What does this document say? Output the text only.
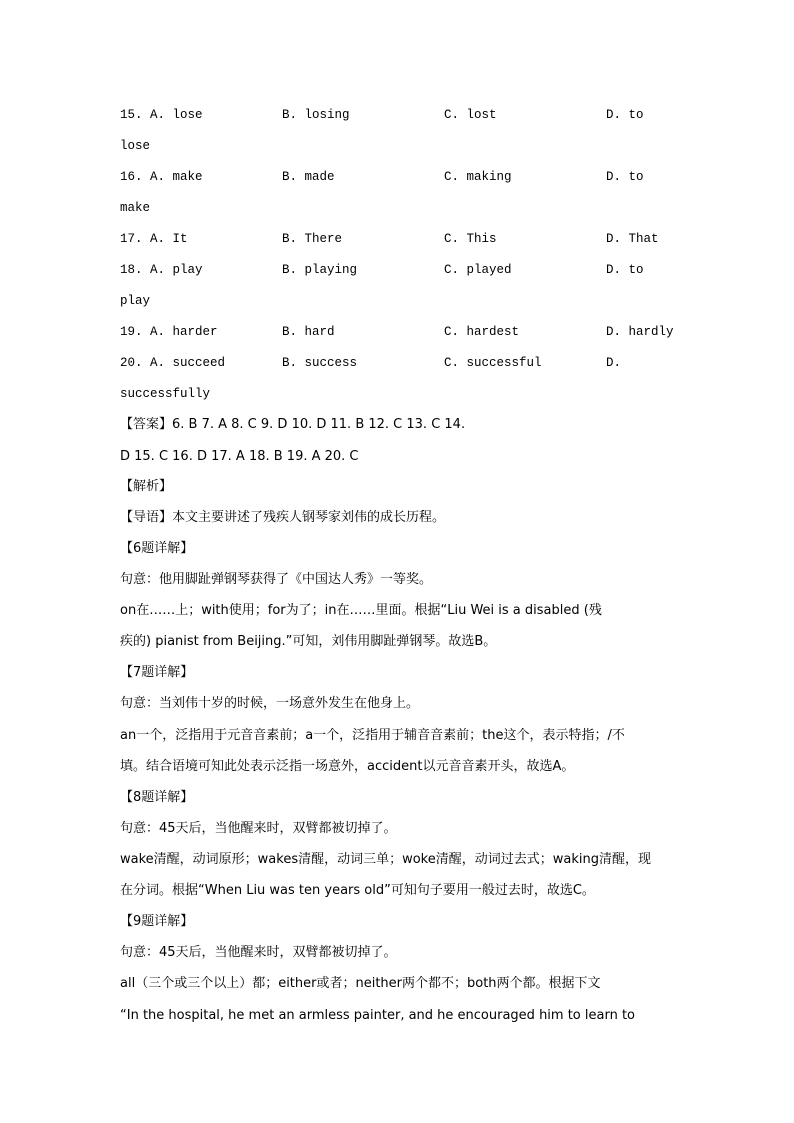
15. A. lose	B. losing	C. lost	D. to
lose
16. A. make	B. made	C. making	D. to
make
17. A. It	B. There	C. This	D. That
18. A. play	B. playing	C. played	D. to
play
19. A. harder	B. hard	C. hardest	D. hardly
20. A. succeed	B. success	C. successful	D.
successfully
【答案】6. B 7. A 8. C 9. D 10. D 11. B 12. C 13. C 14.
D 15. C 16. D 17. A 18. B 19. A 20. C
【解析】
【导语】本文主要讲述了残疾人钢琴家刘伟的成长历程。
【6题详解】
句意：他用脚趾弹钢琴获得了《中国达人秀》一等奖。
on在……上；with使用；for为了；in在……里面。根据“Liu Wei is a disabled (残
疾的) pianist from Beijing.”可知，刘伟用脚趾弹钢琴。故选B。
【7题详解】
句意：当刘伟十岁的时候，一场意外发生在他身上。
an一个，泛指用于元音音素前；a一个，泛指用于辅音音素前；the这个，表示特指；/不
填。结合语境可知此处表示泛指一场意外，accident以元音音素开头，故选A。
【8题详解】
句意：45天后，当他醒来时，双臂都被切掉了。
wake清醒，动词原形；wakes清醒，动词三单；woke清醒，动词过去式；waking清醒，现
在分词。根据“When Liu was ten years old”可知句子要用一般过去时，故选C。
【9题详解】
句意：45天后，当他醒来时，双臂都被切掉了。
all（三个或三个以上）都；either或者；neither两个都不；both两个都。根据下文
“In the hospital, he met an armless painter, and he encouraged him to learn to
